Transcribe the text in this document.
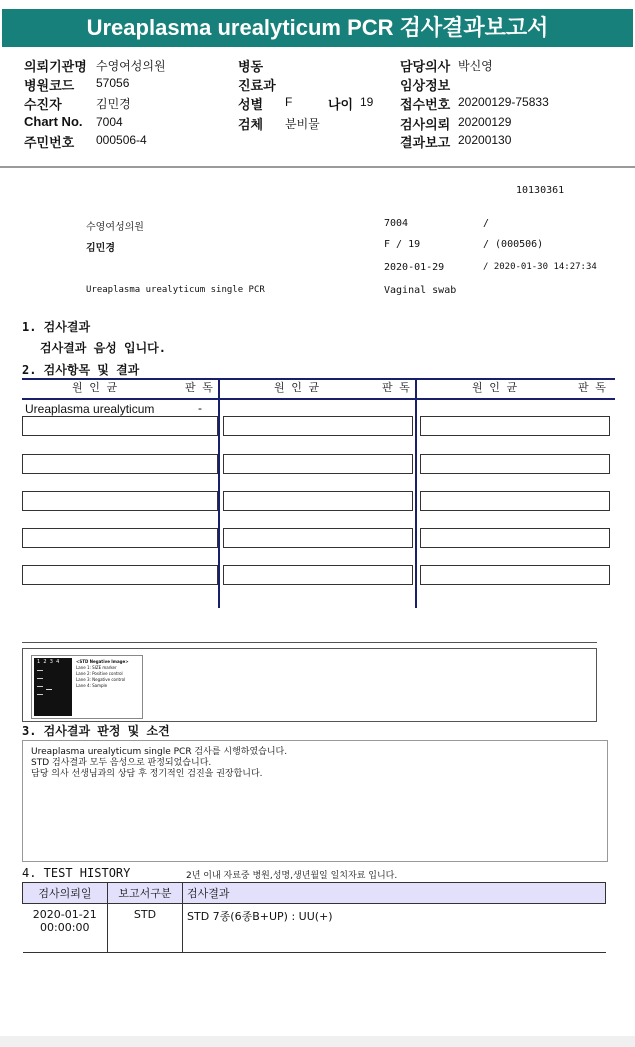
Ureaplasma urealyticum PCR 검사결과보고서
의뢰기관명 수영여성의원
병원코드 57056
수진자	김민경
Chart No. 7004
주민번호 000506-4
병동
진료과
성별 F	나이 19
검체 분비물
담당의사 박신영
임상정보
접수번호 20200129-75833
검사의뢰 20200129
결과보고 20200130
10130361
수영여성의원	7004	/
김민경	F / 19	/ (000506)
2020-01-29	/ 2020-01-30 14:27:34
Ureaplasma urealyticum single PCR	Vaginal swab
1. 검사결과
검사결과 음성 입니다.
2. 검사항목 및 결과
원 인 균	판 독	원 인 균	판 독	원 인 균	판 독
Ureaplasma urealyticum	-
1  2  3  4	<STD Negative Image>
Lane 1: SIZE marker
Lane 2: Positive control
Lane 3: Negative control
Lane 4: Sample
3. 검사결과 판정 및 소견
Ureaplasma urealyticum single PCR 검사를 시행하였습니다.
STD 검사결과 모두 음성으로 판정되었습니다.
담당 의사 선생님과의 상담 후 정기적인 검진을 권장합니다.
4. TEST HISTORY	2년 이내 자료중 병원,성명,생년월일 일치자료 입니다.
검사의뢰일	보고서구분	검사결과

2020-01-21
00:00:00	STD	STD 7종(6종B+UP) : UU(+)
